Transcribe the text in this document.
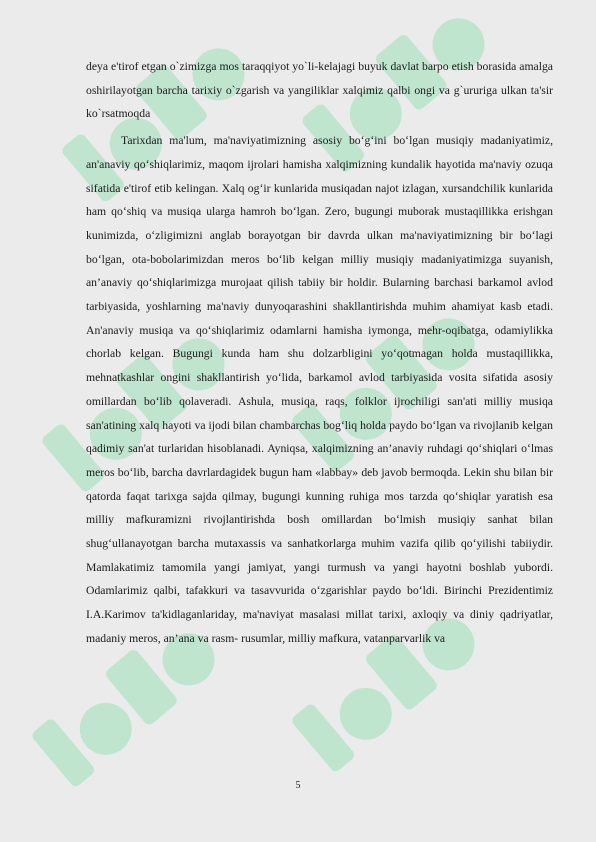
deya e'tirof etgan o`zimizga mos taraqqiyot yo`li-kelajagi buyuk davlat barpo etish borasida amalga oshirilayotgan barcha tarixiy o`zgarish va yangiliklar xalqimiz qalbi ongi va g`ururiga ulkan ta'sir ko`rsatmoqda

Tarixdan ma'lum, ma'naviyatimizning asosiy bo‘g‘ini bo‘lgan musiqiy madaniyatimiz, an'anaviy qo‘shiqlarimiz, maqom ijrolari hamisha xalqimizning kundalik hayotida ma'naviy ozuqa sifatida e'tirof etib kelingan. Xalq og‘ir kunlarida musiqadan najot izlagan, xursandchilik kunlarida ham qo‘shiq va musiqa ularga hamroh bo‘lgan. Zero, bugungi muborak mustaqillikka erishgan kunimizda, o‘zligimizni anglab borayotgan bir davrda ulkan ma'naviyatimizning bir bo‘lagi bo‘lgan, ota-bobolarimizdan meros bo‘lib kelgan milliy musiqiy madaniyatimizga suyanish, an’anaviy qo‘shiqlarimizga murojaat qilish tabiiy bir holdir. Bularning barchasi barkamol avlod tarbiyasida, yoshlarning ma'naviy dunyoqarashini shakllantirishda muhim ahamiyat kasb etadi. An'anaviy musiqa va qo‘shiqlarimiz odamlarni hamisha iymonga, mehr-oqibatga, odamiylikka chorlab kelgan. Bugungi kunda ham shu dolzarbligini yo‘qotmagan holda mustaqillikka, mehnatkashlar ongini shakllantirish yo‘lida, barkamol avlod tarbiyasida vosita sifatida asosiy omillardan bo‘lib qolaveradi. Ashula, musiqa, raqs, folklor ijrochiligi san'ati milliy musiqa san'atining xalq hayoti va ijodi bilan chambarchas bog‘liq holda paydo bo‘lgan va rivojlanib kelgan qadimiy san'at turlaridan hisoblanadi. Ayniqsa, xalqimizning an’anaviy ruhdagi qo‘shiqlari o‘lmas meros bo‘lib, barcha davrlardagidek bugun ham «labbay» deb javob bermoqda. Lekin shu bilan bir qatorda faqat tarixga sajda qilmay, bugungi kunning ruhiga mos tarzda qo‘shiqlar yaratish esa milliy mafkuramizni rivojlantirishda bosh omillardan bo‘lmish musiqiy sanhat bilan shug‘ullanayotgan barcha mutaxassis va sanhatkorlarga muhim vazifa qilib qo‘yilishi tabiiydir. Mamlakatimiz tamomila yangi jamiyat, yangi turmush va yangi hayotni boshlab yubordi. Odamlarimiz qalbi, tafakkuri va tasavvurida o‘zgarishlar paydo bo‘ldi. Birinchi Prezidentimiz I.A.Karimov ta'kidlaganlariday, ma'naviyat masalasi millat tarixi, axloqiy va diniy qadriyatlar, madaniy meros, an’ana va rasm- rusumlar, milliy mafkura, vatanparvarlik va

5
